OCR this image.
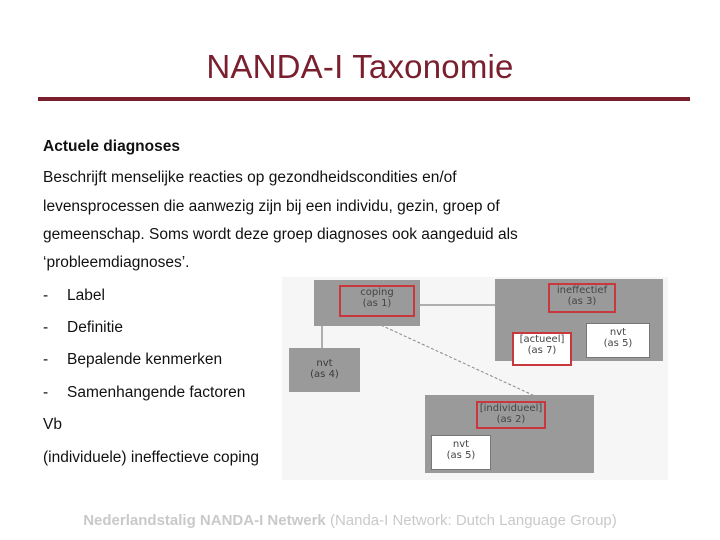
NANDA-I Taxonomie
Actuele diagnoses
Beschrijft menselijke reacties op gezondheidscondities en/of
levensprocessen die aanwezig zijn bij een individu, gezin, groep of
gemeenschap. Soms wordt deze groep diagnoses ook aangeduid als
‘probleemdiagnoses’.
- Label
- Definitie
- Bepalende kenmerken
- Samenhangende factoren
Vb
(individuele) ineffectieve coping
coping
(as 1)
ineffectief
(as 3)
nvt
(as 5)
[actueel]
(as 7)
nvt
(as 4)
[individueel]
(as 2)
nvt
(as 5)
Nederlandstalig NANDA-I Netwerk (Nanda-I Network: Dutch Language Group)
